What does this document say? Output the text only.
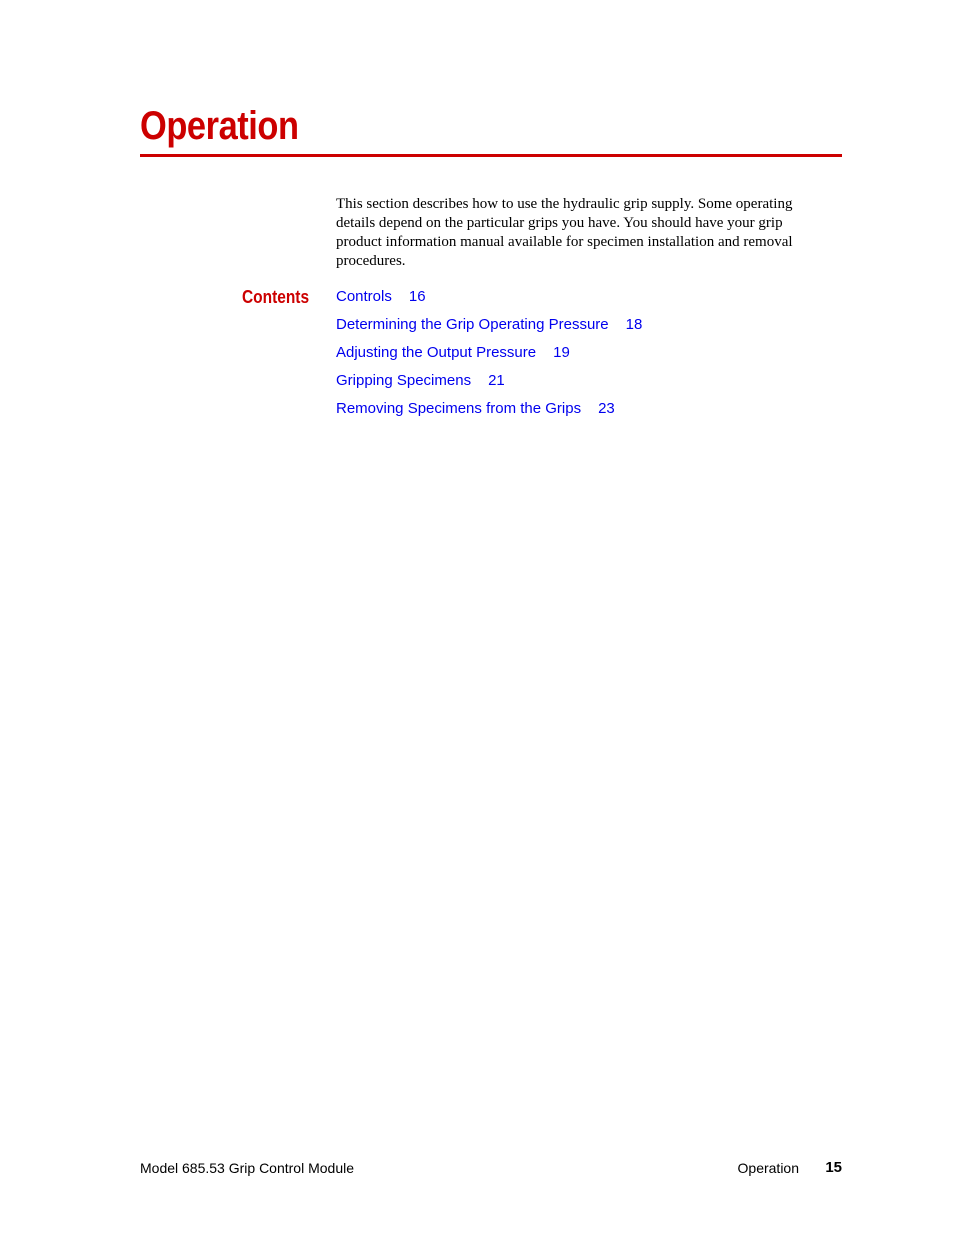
Operation

This section describes how to use the hydraulic grip supply. Some operating details depend on the particular grips you have. You should have your grip product information manual available for specimen installation and removal procedures.

Contents Controls 16
Determining the Grip Operating Pressure 18
Adjusting the Output Pressure 19
Gripping Specimens 21
Removing Specimens from the Grips 23
Model 685.53 Grip Control Module	Operation 15
